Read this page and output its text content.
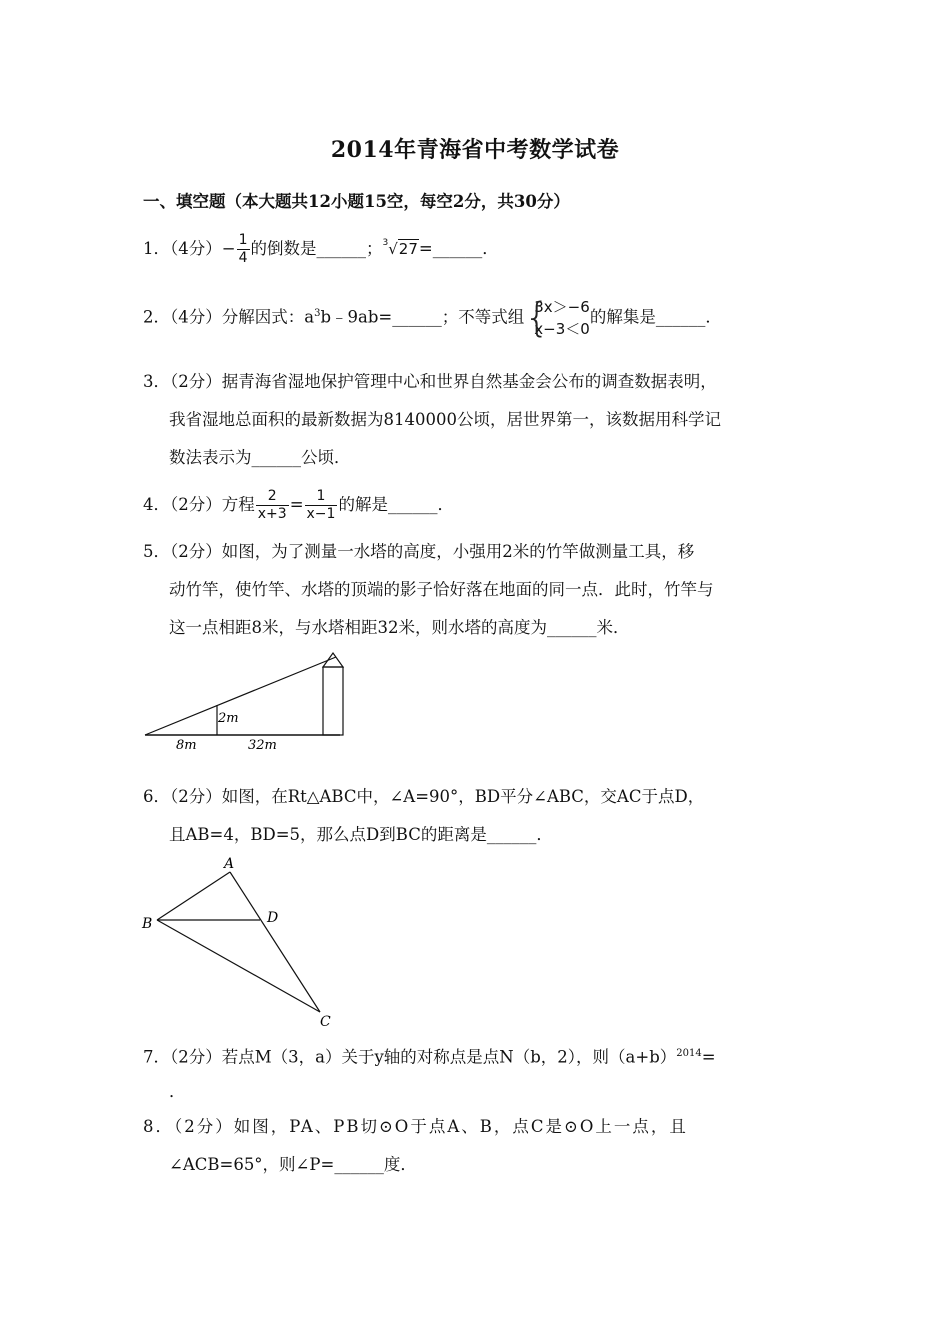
2014年青海省中考数学试卷
一、填空题（本大题共12小题15空，每空2分，共30分）
1．（4分）− $\frac{1}{4}$ 的倒数是______；$^3$√27=______．
2．（4分）分解因式：$a^3b﹣9ab=\_\_\_\_\_\_$；不等式组 {
3x＞−6
x−3＜0
的解集是______．
3．（2分）据青海省湿地保护管理中心和世界自然基金会公布的调查数据表明，
我省湿地总面积的最新数据为8140000公顷，居世界第一，该数据用科学记
数法表示为______公顷．
4．（2分）方程 $\frac{2}{x+3} = \frac{1}{x-1}$ 的解是______．
5．（2分）如图，为了测量一水塔的高度，小强用2米的竹竿做测量工具，移
动竹竿，使竹竿、水塔的顶端的影子恰好落在地面的同一点．此时，竹竿与
这一点相距8米，与水塔相距32米，则水塔的高度为______米．
2m
8m	32m
6．（2分）如图，在Rt△ABC中，∠A=90°，BD平分∠ABC，交AC于点D，
且AB=4，BD=5，那么点D到BC的距离是______．
A
B	D
C
7．（2分）若点M（3，a）关于y轴的对称点是点N（b，2），则$(a+b)^{2014}=$
．
8．（2分）如图，PA、PB切⊙O于点A、B，点C是⊙O上一点，且
∠ACB=65°，则∠P=______度．
